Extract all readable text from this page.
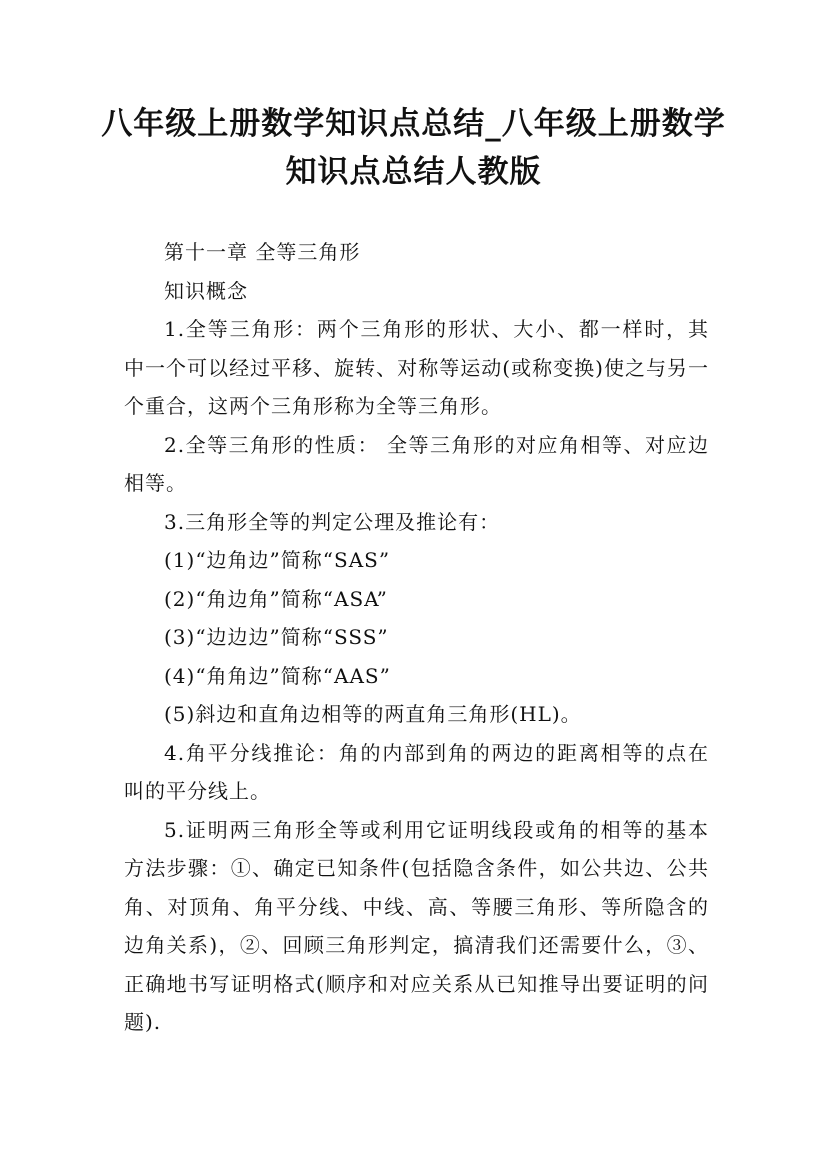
八年级上册数学知识点总结_八年级上册数学知识点总结人教版

第十一章 全等三角形

知识概念

1.全等三角形：两个三角形的形状、大小、都一样时，其中一个可以经过平移、旋转、对称等运动(或称变换)使之与另一个重合，这两个三角形称为全等三角形。

2.全等三角形的性质： 全等三角形的对应角相等、对应边相等。

3.三角形全等的判定公理及推论有：

(1)“边角边”简称“SAS”

(2)“角边角”简称“ASA”

(3)“边边边”简称“SSS”

(4)“角角边”简称“AAS”

(5)斜边和直角边相等的两直角三角形(HL)。

4.角平分线推论：角的内部到角的两边的距离相等的点在叫的平分线上。

5.证明两三角形全等或利用它证明线段或角的相等的基本方法步骤：①、确定已知条件(包括隐含条件，如公共边、公共角、对顶角、角平分线、中线、高、等腰三角形、等所隐含的边角关系)，②、回顾三角形判定，搞清我们还需要什么，③、正确地书写证明格式(顺序和对应关系从已知推导出要证明的问题).
